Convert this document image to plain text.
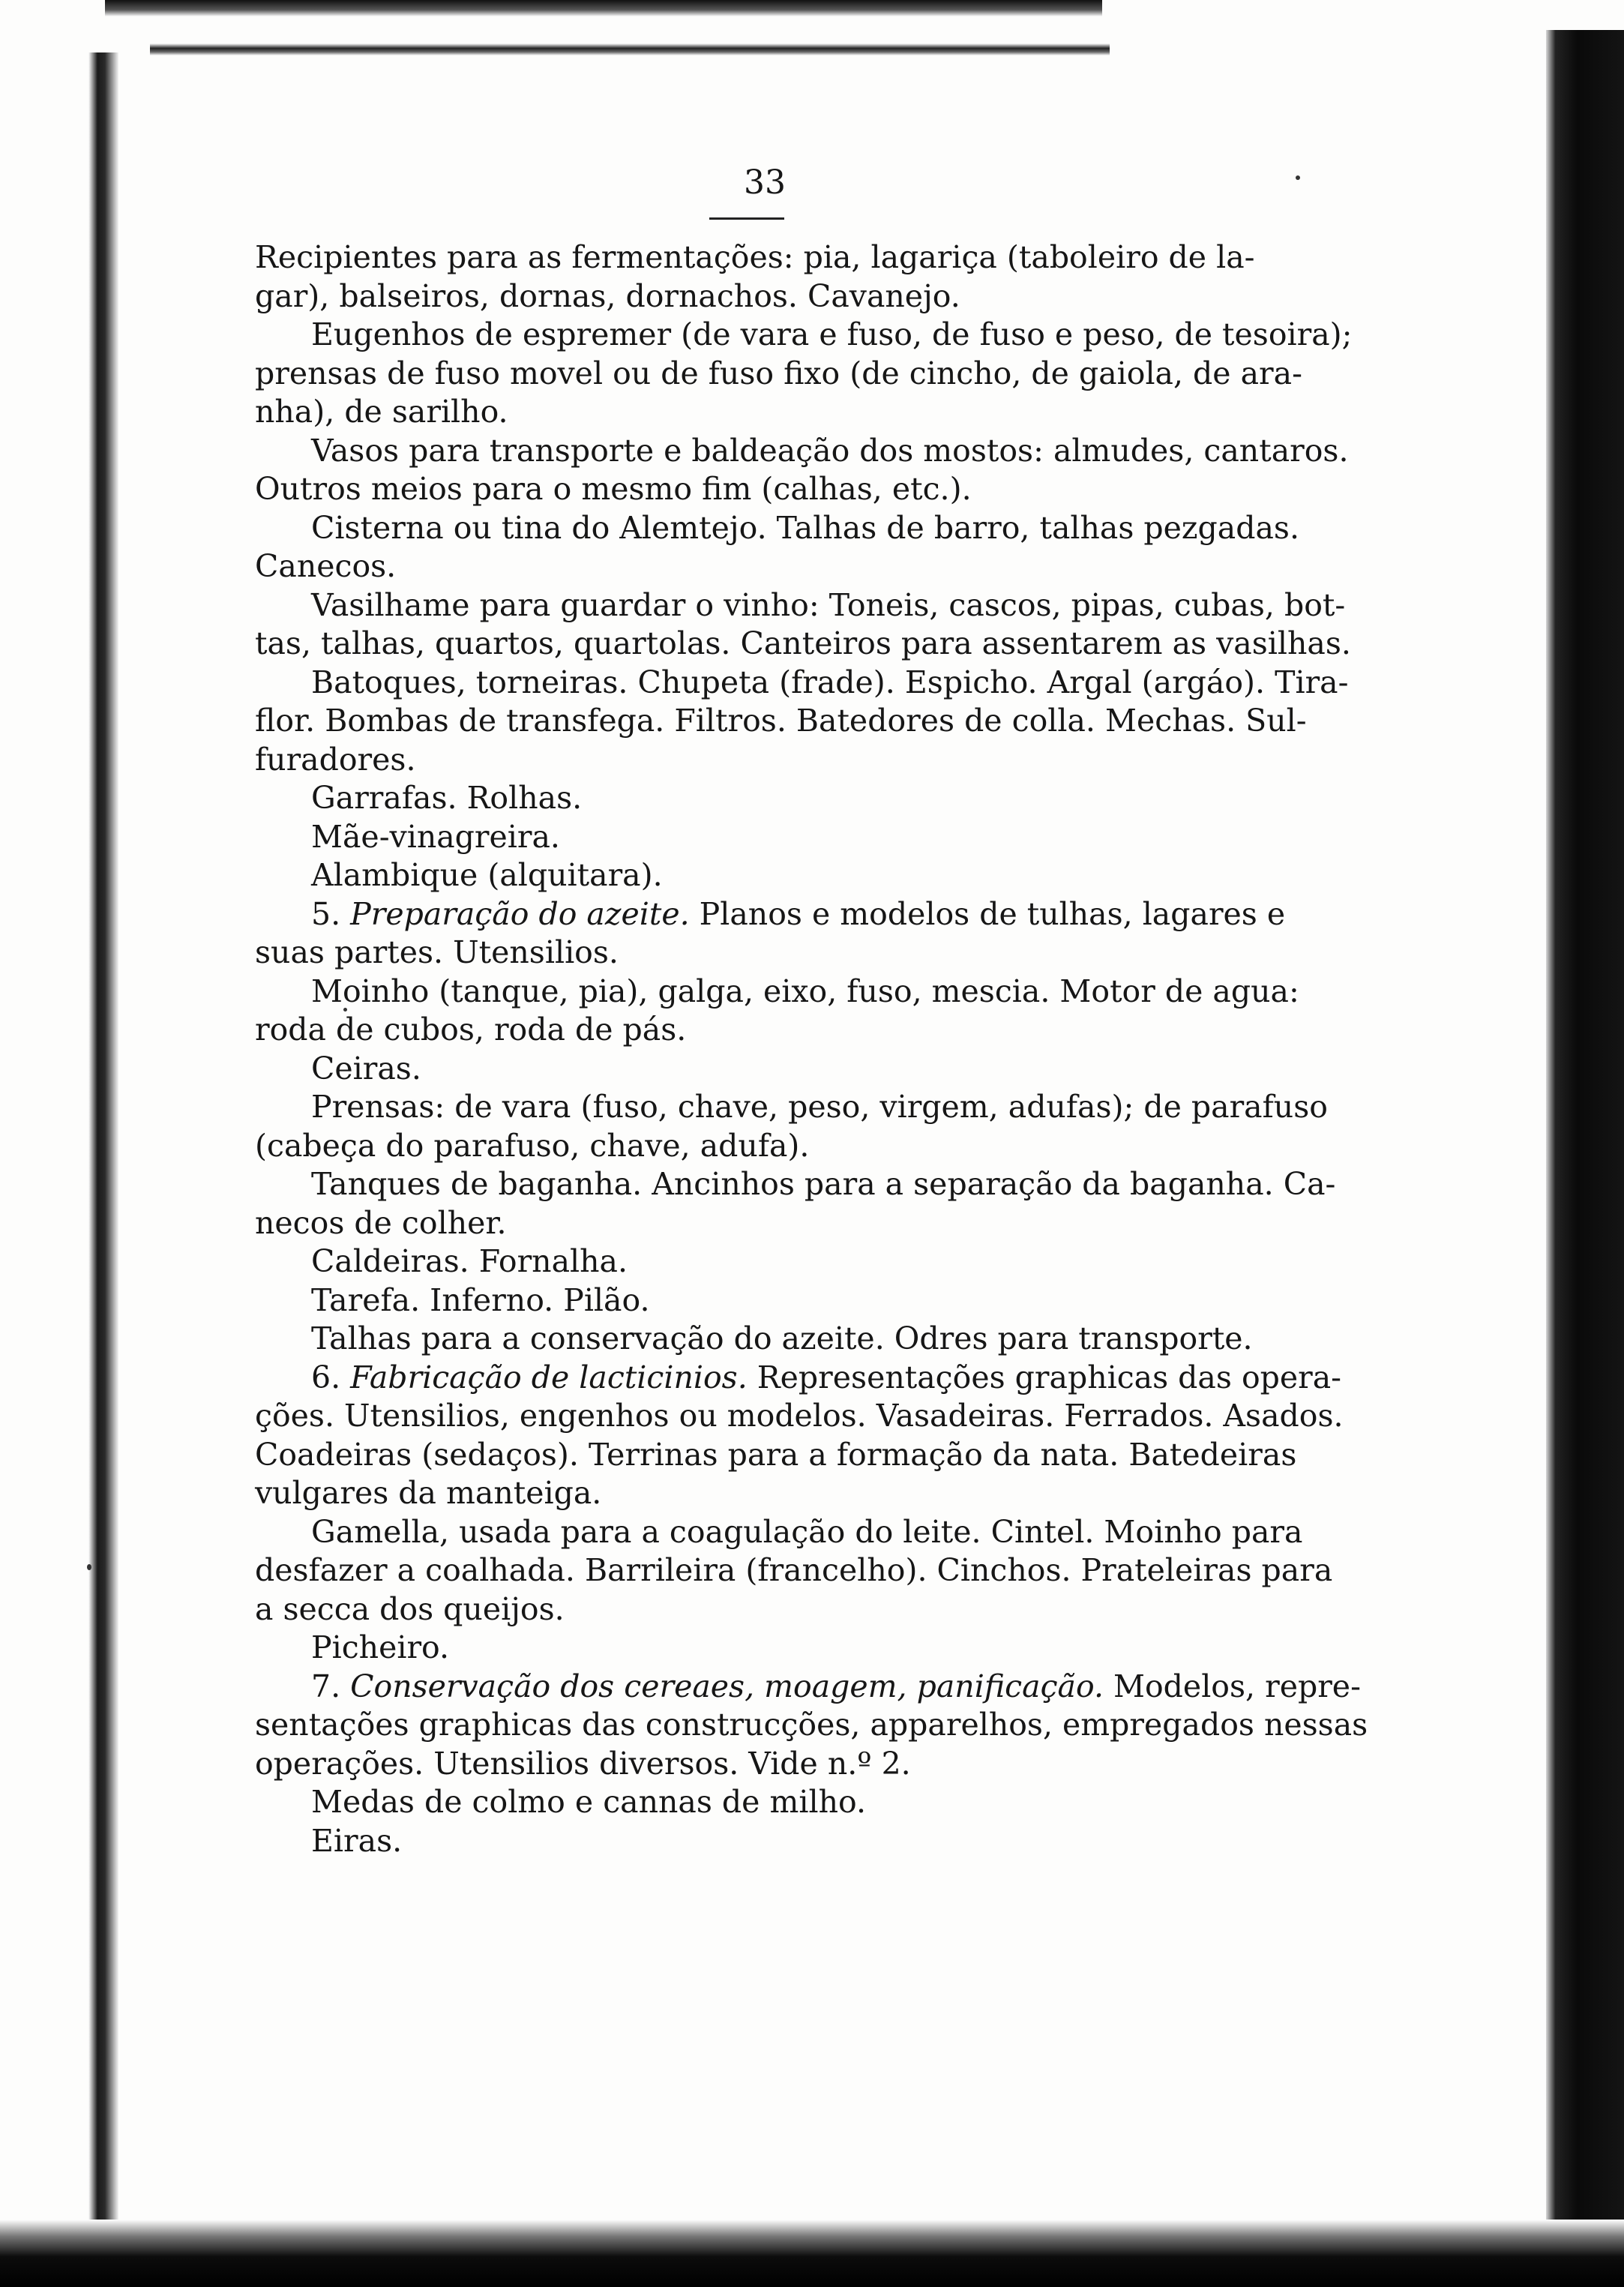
33
Recipientes para as fermentações: pia, lagariça (taboleiro de la-
gar), balseiros, dornas, dornachos. Cavanejo.
Eugenhos de espremer (de vara e fuso, de fuso e peso, de tesoira);
prensas de fuso movel ou de fuso fixo (de cincho, de gaiola, de ara-
nha), de sarilho.
Vasos para transporte e baldeação dos mostos: almudes, cantaros.
Outros meios para o mesmo fim (calhas, etc.).
Cisterna ou tina do Alemtejo. Talhas de barro, talhas pezgadas.
Canecos.
Vasilhame para guardar o vinho: Toneis, cascos, pipas, cubas, bot-
tas, talhas, quartos, quartolas. Canteiros para assentarem as vasilhas.
Batoques, torneiras. Chupeta (frade). Espicho. Argal (argáo). Tira-
flor. Bombas de transfega. Filtros. Batedores de colla. Mechas. Sul-
furadores.
Garrafas. Rolhas.
Mãe-vinagreira.
Alambique (alquitara).
5. Preparação do azeite. Planos e modelos de tulhas, lagares e
suas partes. Utensilios.
Moinho (tanque, pia), galga, eixo, fuso, mescia. Motor de agua:
roda de cubos, roda de pás.
Ceiras.
Prensas: de vara (fuso, chave, peso, virgem, adufas); de parafuso
(cabeça do parafuso, chave, adufa).
Tanques de baganha. Ancinhos para a separação da baganha. Ca-
necos de colher.
Caldeiras. Fornalha.
Tarefa. Inferno. Pilão.
Talhas para a conservação do azeite. Odres para transporte.
6. Fabricação de lacticinios. Representações graphicas das opera-
ções. Utensilios, engenhos ou modelos. Vasadeiras. Ferrados. Asados.
Coadeiras (sedaços). Terrinas para a formação da nata. Batedeiras
vulgares da manteiga.
Gamella, usada para a coagulação do leite. Cintel. Moinho para
desfazer a coalhada. Barrileira (francelho). Cinchos. Prateleiras para
a secca dos queijos.
Picheiro.
7. Conservação dos cereaes, moagem, panificação. Modelos, repre-
sentações graphicas das construcções, apparelhos, empregados nessas
operações. Utensilios diversos. Vide n.º 2.
Medas de colmo e cannas de milho.
Eiras.
